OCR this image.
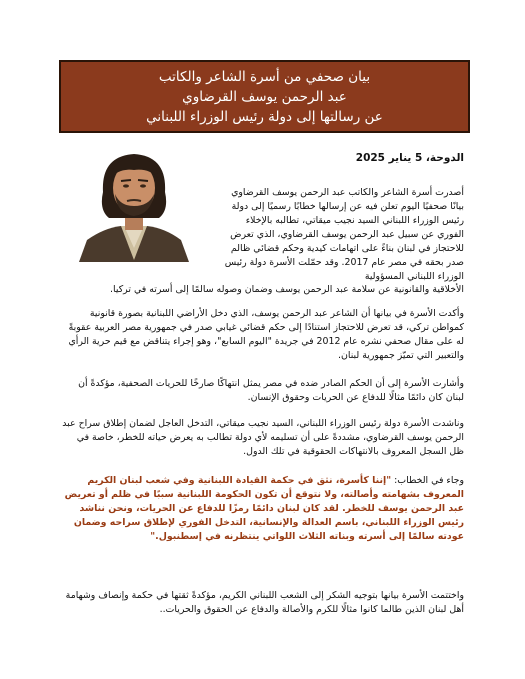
بيان صحفي من أسرة الشاعر والكاتب
عبد الرحمن يوسف القرضاوي
عن رسالتها إلى دولة رئيس الوزراء اللبناني
الدوحة، 5 يناير 2025

أصدرت أسرة الشاعر والكاتب عبد الرحمن يوسف القرضاوي بيانًا صحفيًا اليوم تعلن فيه عن إرسالها خطابًا رسميًا إلى دولة رئيس الوزراء اللبناني السيد نجيب ميقاتي، تطالبه بالإخلاء الفوري عن سبيل عبد الرحمن يوسف القرضاوي، الذي تعرض للاحتجاز في لبنان بناءً على اتهامات كيدية وحكم قضائي ظالم صدر بحقه في مصر عام 2017. وقد حمّلت الأسرة دولة رئيس الوزراء اللبناني المسؤولية

الأخلاقية والقانونية عن سلامة عبد الرحمن يوسف وضمان وصوله سالمًا إلى أسرته في تركيا.

وأكدت الأسرة في بيانها أن الشاعر عبد الرحمن يوسف، الذي دخل الأراضي اللبنانية بصورة قانونية كمواطن تركي، قد تعرض للاحتجاز استنادًا إلى حكم قضائي غيابي صدر في جمهورية مصر العربية عقوبةً له على مقال صحفي نشره عام 2012 في جريدة "اليوم السابع"، وهو إجراء يتناقض مع قيم حرية الرأي والتعبير التي تميّز جمهورية لبنان.

وأشارت الأسرة إلى أن الحكم الصادر ضده في مصر يمثل انتهاكًا صارخًا للحريات الصحفية، مؤكدةً أن لبنان كان دائمًا مثالًا للدفاع عن الحريات وحقوق الإنسان.

وناشدت الأسرة دولة رئيس الوزراء اللبناني، السيد نجيب ميقاتي، التدخل العاجل لضمان إطلاق سراح عبد الرحمن يوسف القرضاوي، مشددةً على أن تسليمه لأي دولة تطالب به يعرض حياته للخطر، خاصة في ظل السجل المعروف بالانتهاكات الحقوقية في تلك الدول.

وجاء في الخطاب: "إننا كأسرة، نثق في حكمة القيادة اللبنانية وفي شعب لبنان الكريم المعروف بشهامته وأصالته، ولا نتوقع أن تكون الحكومة اللبنانية سببًا في ظلم أو تعريض عبد الرحمن يوسف للخطر. لقد كان لبنان دائمًا رمزًا للدفاع عن الحريات، ونحن نناشد رئيس الوزراء اللبناني، باسم العدالة والإنسانية، التدخل الفوري لإطلاق سراحه وضمان عودته سالمًا إلى أسرته وبناته الثلاث اللواتي ينتظرنه في إسطنبول."

واختتمت الأسرة بيانها بتوجيه الشكر إلى الشعب اللبناني الكريم، مؤكدةً ثقتها في حكمة وإنصاف وشهامة أهل لبنان الذين طالما كانوا مثالًا للكرم والأصالة والدفاع عن الحقوق والحريات..
